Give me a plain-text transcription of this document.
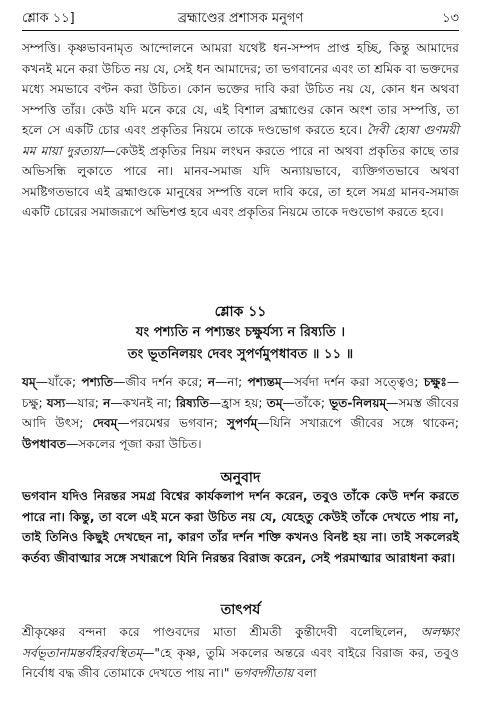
শ্লোক ১১]	ব্রহ্মাণ্ডের প্রশাসক মনুগণ	১৩
সম্পত্তি। কৃষ্ণভাবনামৃত আন্দোলনে আমরা যথেষ্ট ধন-সম্পদ প্রাপ্ত হচ্ছি, কিন্তু আমাদের কখনই মনে করা উচিত নয় যে, সেই ধন আমাদের; তা ভগবানের এবং তা শ্রমিক বা ভক্তদের মধ্যে সমভাবে বণ্টন করা উচিত। কোন ভক্তের দাবি করা উচিত নয় যে, কোন ধন অথবা সম্পত্তি তাঁর। কেউ যদি মনে করে যে, এই বিশাল ব্রহ্মাণ্ডের কোন অংশ তার সম্পত্তি, তা হলে সে একটি চোর এবং প্রকৃতির নিয়মে তাকে দণ্ডভোগ করতে হবে। দৈবী হ্যেষা গুণময়ী মম মায়া দুরত্যয়া—কেউই প্রকৃতির নিয়ম লংঘন করতে পারে না অথবা প্রকৃতির কাছে তার অভিসন্ধি লুকাতে পারে না। মানব-সমাজ যদি অন্যায়ভাবে, ব্যক্তিগতভাবে অথবা সমষ্টিগতভাবে এই ব্রহ্মাণ্ডকে মানুষের সম্পত্তি বলে দাবি করে, তা হলে সমগ্র মানব-সমাজ একটি চোরের সমাজরূপে অভিশপ্ত হবে এবং প্রকৃতির নিয়মে তাকে দণ্ডভোগ করতে হবে।
শ্লোক ১১
যং পশ্যতি ন পশ্যন্তং চক্ষুর্যস্য ন রিষ্যতি ।
তং ভূতনিলয়ং দেবং সুপর্ণমুপধাবত ॥ ১১ ॥
যম্—যাঁকে; পশ্যতি—জীব দর্শন করে; ন—না; পশ্যন্তম্—সর্বদা দর্শন করা সত্ত্বেও; চক্ষুঃ—চক্ষু; যস্য—যার; ন—কখনই না; রিষ্যতি—হ্রাস হয়; তম্—তাঁকে; ভূত-নিলয়ম্—সমস্ত জীবের আদি উৎস; দেবম্—পরমেশ্বর ভগবান; সুপর্ণম্—যিনি সখারূপে জীবের সঙ্গে থাকেন; উপধাবত—সকলের পূজা করা উচিত।
অনুবাদ
ভগবান যদিও নিরন্তর সমগ্র বিশ্বের কার্যকলাপ দর্শন করেন, তবুও তাঁকে কেউ দর্শন করতে পারে না। কিন্তু, তা বলে এই মনে করা উচিত নয় যে, যেহেতু কেউই তাঁকে দেখতে পায় না, তাই তিনিও কিছুই দেখছেন না, কারণ তাঁর দর্শন শক্তি কখনও বিনষ্ট হয় না। তাই সকলেরই কর্তব্য জীবাত্মার সঙ্গে সখারূপে যিনি নিরন্তর বিরাজ করেন, সেই পরমাত্মার আরাধনা করা।
তাৎপর্য
শ্রীকৃষ্ণের বন্দনা করে পাণ্ডবদের মাতা শ্রীমতী কুন্তীদেবী বলেছিলেন, অলক্ষ্যং সর্বভূতানামন্তর্বহিরবস্থিতম্—"হে কৃষ্ণ, তুমি সকলের অন্তরে এবং বাইরে বিরাজ কর, তবুও নির্বোধ বদ্ধ জীব তোমাকে দেখতে পায় না।" ভগবদ্গীতায় বলা
